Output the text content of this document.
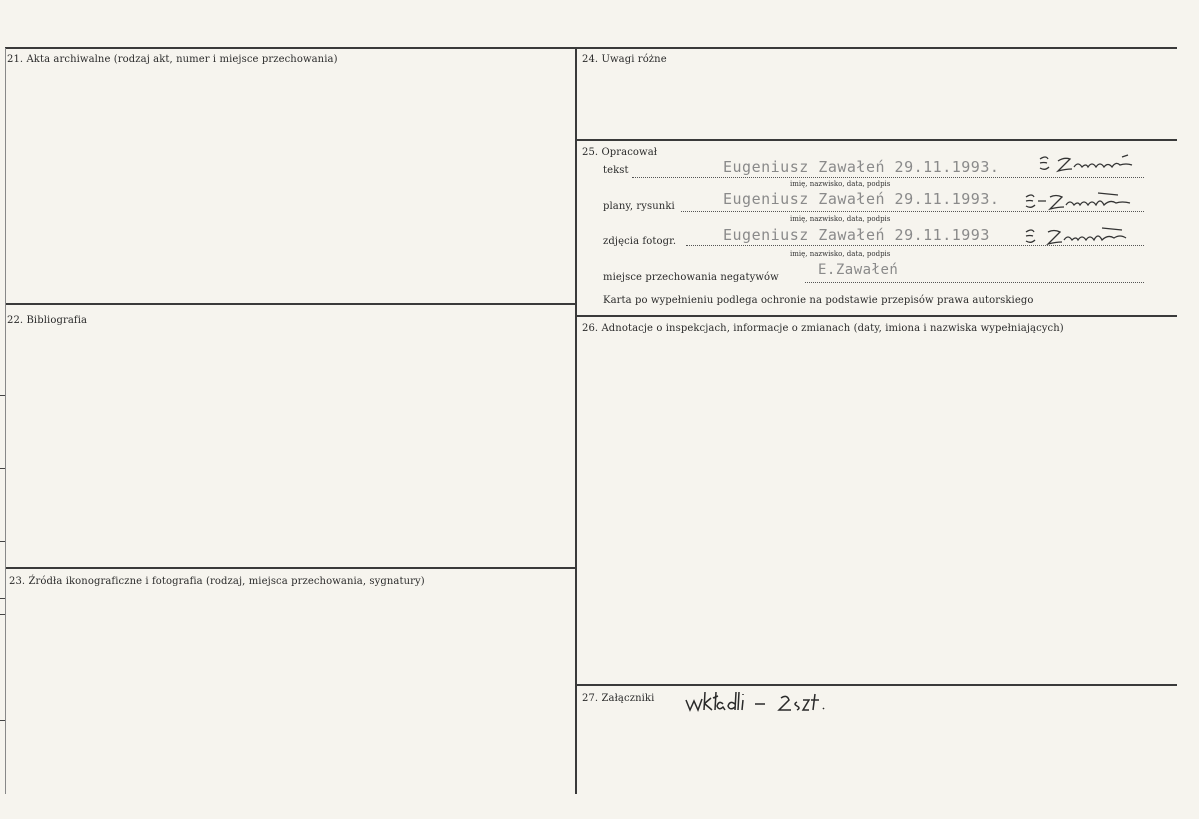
21. Akta archiwalne (rodzaj akt, numer i miejsce przechowania)
22. Bibliografia
23. Źródła ikonograficzne i fotografia (rodzaj, miejsca przechowania, sygnatury)
24. Uwagi różne
25. Opracował
26. Adnotacje o inspekcjach, informacje o zmianach (daty, imiona i nazwiska wypełniających)
27. Załączniki
tekst	Eugeniusz Zawałeń 29.11.1993.
imię, nazwisko, data, podpis
plany, rysunki	Eugeniusz Zawałeń 29.11.1993.
imię, nazwisko, data, podpis
zdjęcia fotogr.	Eugeniusz Zawałeń 29.11.1993
imię, nazwisko, data, podpis
miejsce przechowania negatywów	E.Zawałeń
Karta po wypełnieniu podlega ochronie na podstawie przepisów prawa autorskiego
wkładki - 2 szt.
